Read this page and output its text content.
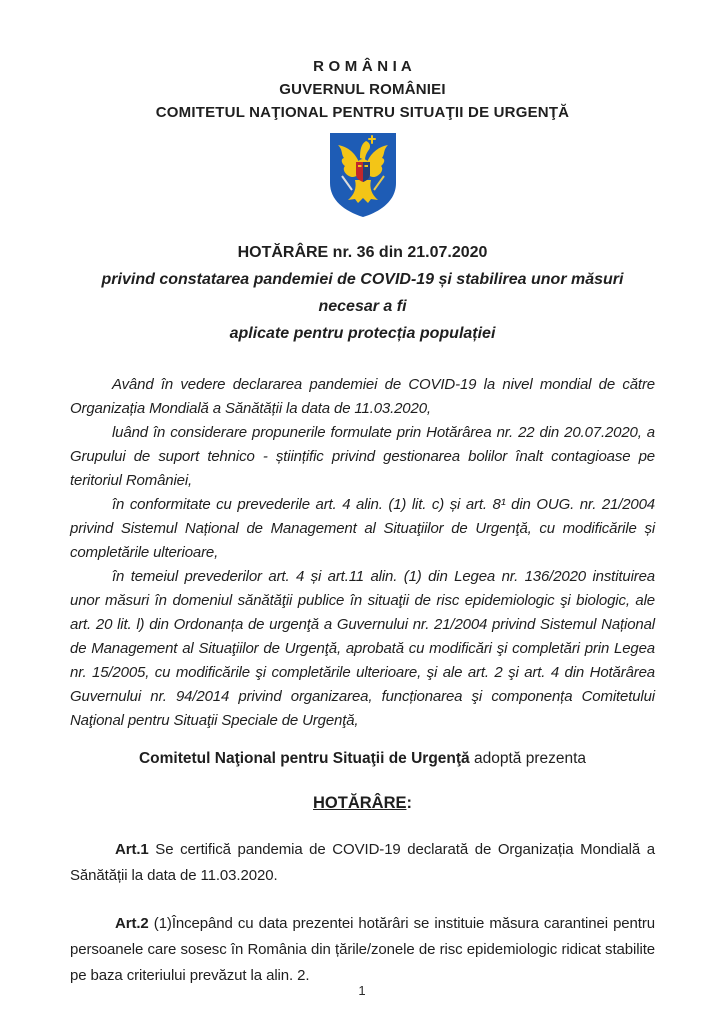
R O M Â N I A
GUVERNUL ROMÂNIEI
COMITETUL NAŢIONAL PENTRU SITUAŢII DE URGENŢĂ
HOTĂRÂRE nr. 36 din 21.07.2020
privind constatarea pandemiei de COVID-19 și stabilirea unor măsuri necesar a fi
aplicate pentru protecția populației

Având în vedere declararea pandemiei de COVID-19 la nivel mondial de către Organizația Mondială a Sănătății la data de 11.03.2020,

luând în considerare propunerile formulate prin Hotărârea nr. 22 din 20.07.2020, a Grupului de suport tehnico - științific privind gestionarea bolilor înalt contagioase pe teritoriul României,

în conformitate cu prevederile art. 4 alin. (1) lit. c) și art. 8¹ din OUG. nr. 21/2004 privind Sistemul Național de Management al Situaţiilor de Urgenţă, cu modificările și completările ulterioare,

în temeiul prevederilor art. 4 și art.11 alin. (1) din Legea nr. 136/2020 instituirea unor măsuri în domeniul sănătăţii publice în situaţii de risc epidemiologic şi biologic, ale art. 20 lit. l) din Ordonanța de urgenţă a Guvernului nr. 21/2004 privind Sistemul Național de Management al Situaţiilor de Urgenţă, aprobată cu modificări şi completări prin Legea nr. 15/2005, cu modificările şi completările ulterioare, şi ale art. 2 şi art. 4 din Hotărârea Guvernului nr. 94/2014 privind organizarea, funcționarea şi componența Comitetului Naţional pentru Situaţii Speciale de Urgenţă,

Comitetul Naţional pentru Situaţii de Urgenţă adoptă prezenta

HOTĂRÂRE:

Art.1 Se certifică pandemia de COVID-19 declarată de Organizația Mondială a Sănătății la data de 11.03.2020.

Art.2 (1)Începând cu data prezentei hotărâri se instituie măsura carantinei pentru persoanele care sosesc în România din țările/zonele de risc epidemiologic ridicat stabilite pe baza criteriului prevăzut la alin. 2.

1
